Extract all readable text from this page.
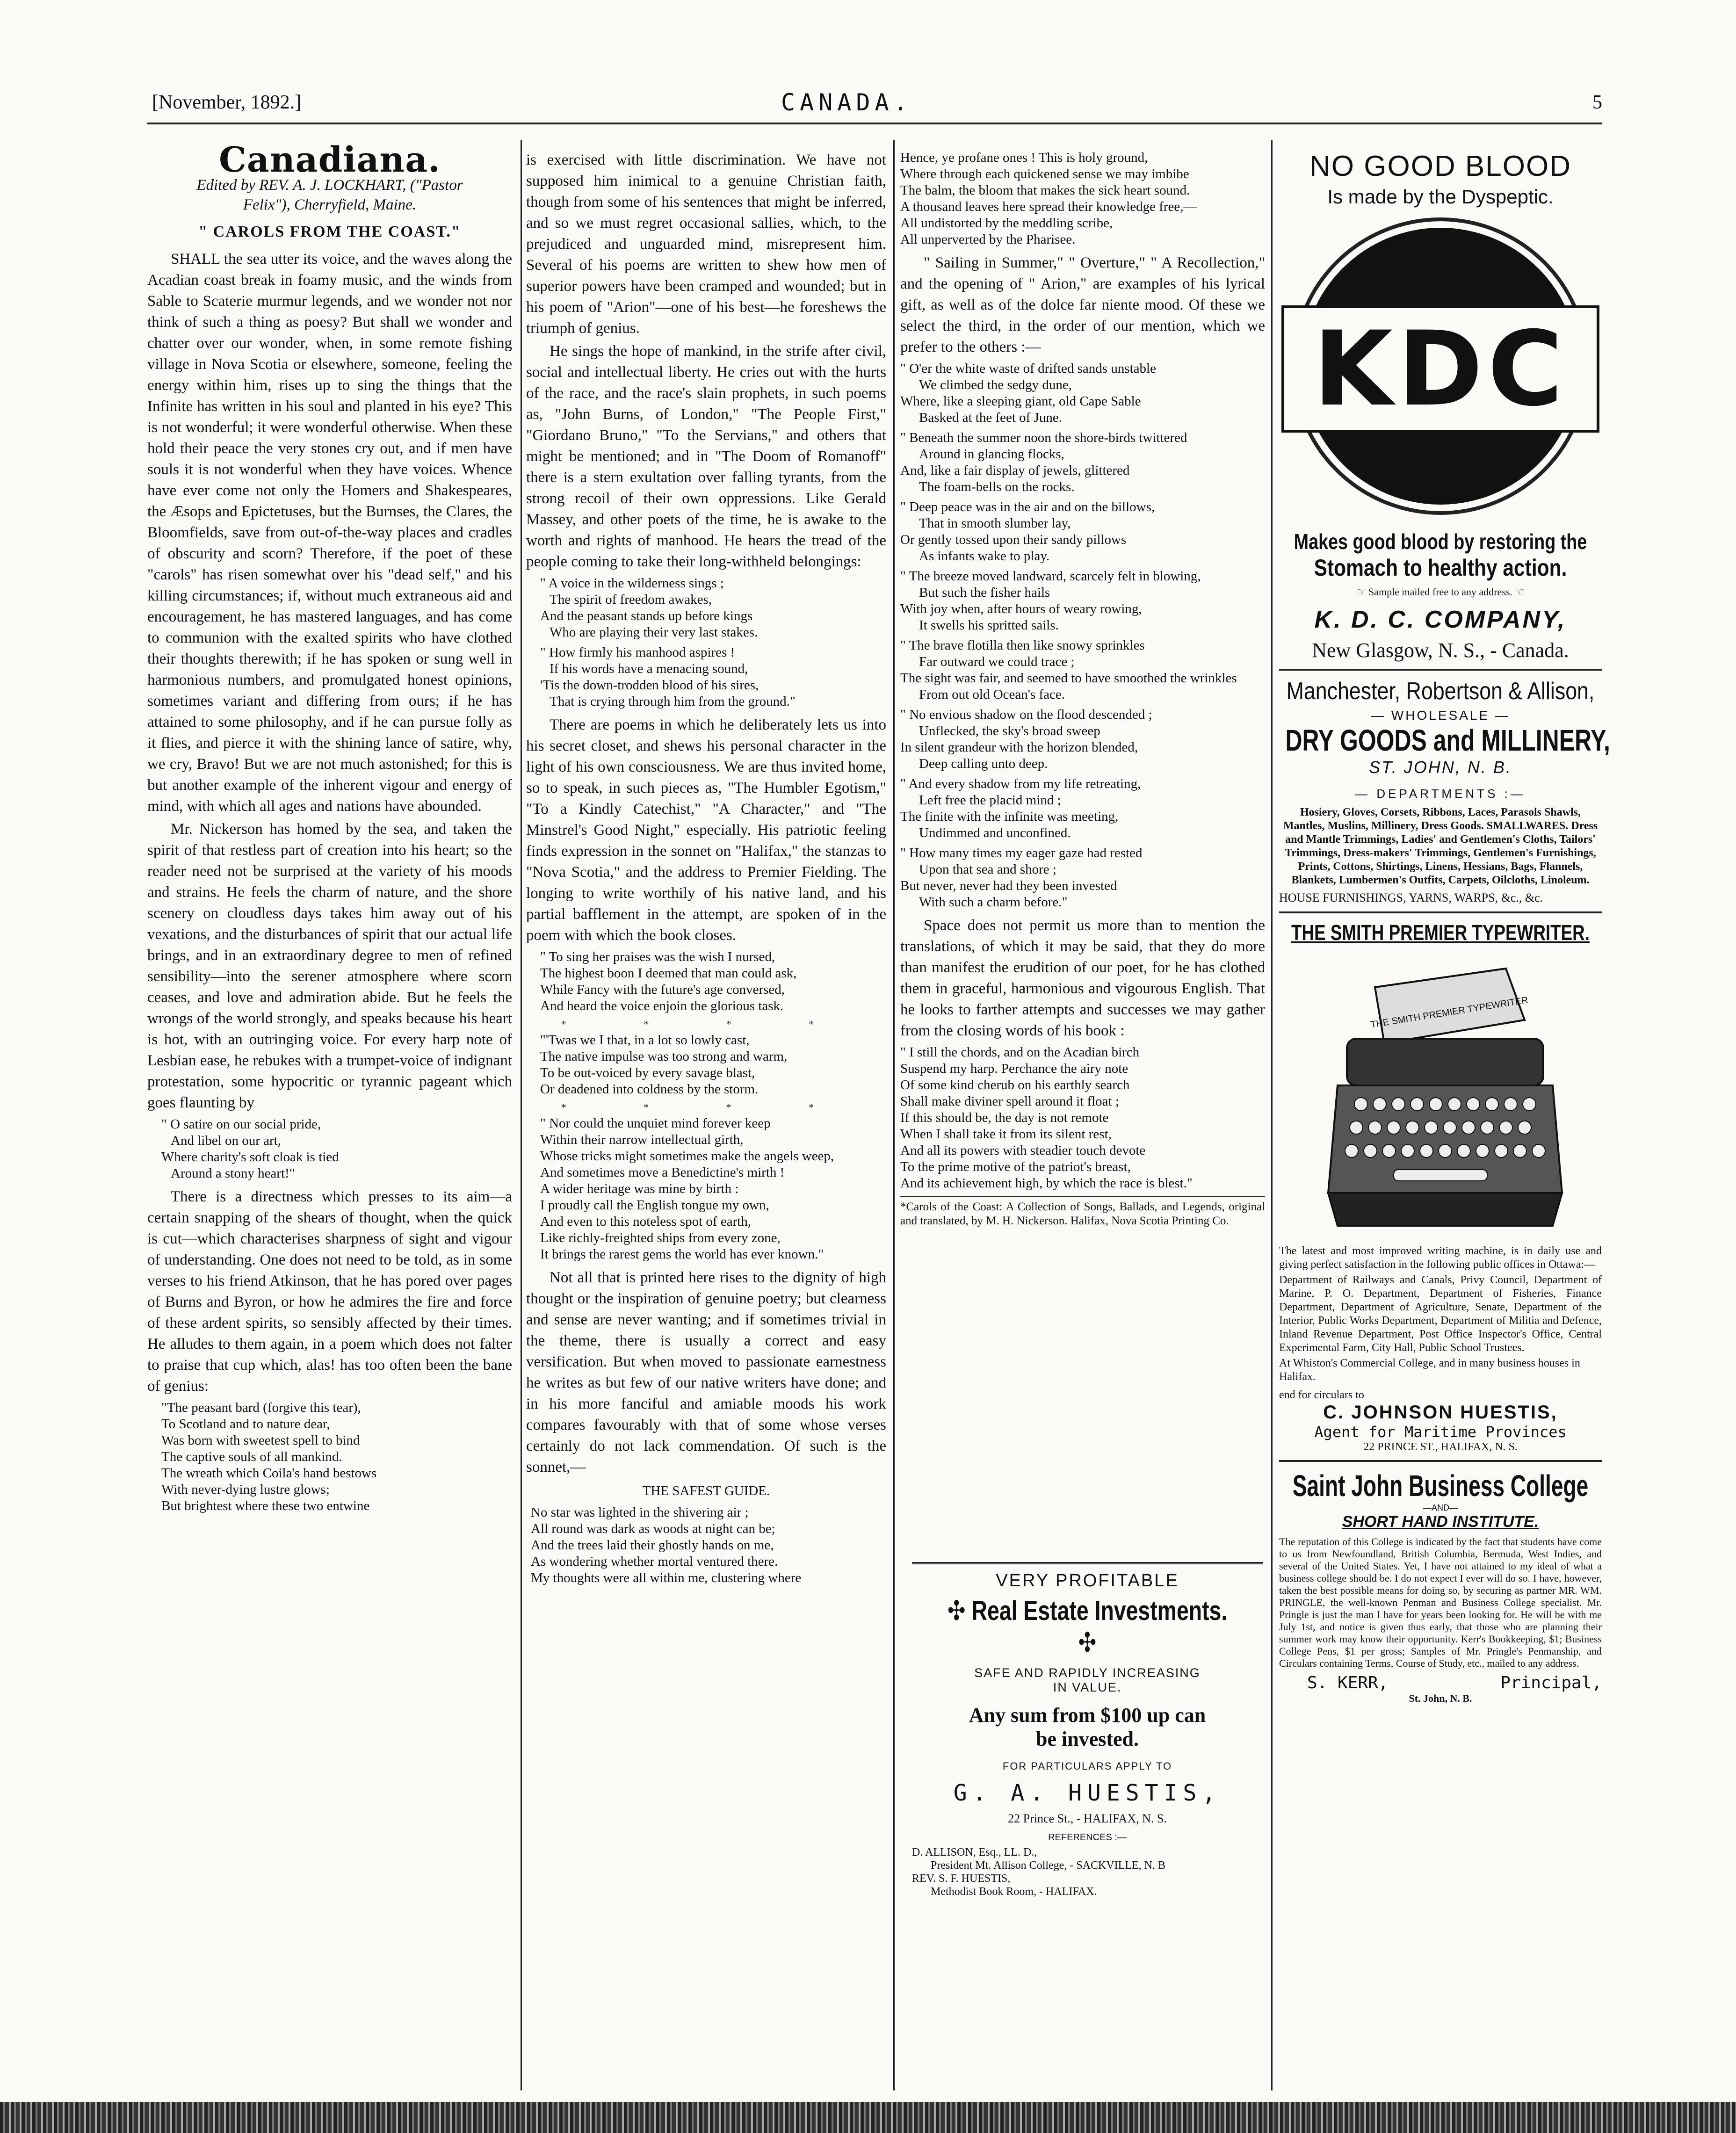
[November, 1892.]	CANADA.	5
Canadiana.
Edited by REV. A. J. LOCKHART, ("Pastor
Felix"), Cherryfield, Maine.
" CAROLS FROM THE COAST."

SHALL the sea utter its voice, and the waves along the Acadian coast break in foamy music, and the winds from Sable to Scaterie murmur legends, and we wonder not nor think of such a thing as poesy? But shall we wonder and chatter over our wonder, when, in some remote fishing village in Nova Scotia or elsewhere, someone, feeling the energy within him, rises up to sing the things that the Infinite has written in his soul and planted in his eye? This is not wonderful; it were wonderful otherwise. When these hold their peace the very stones cry out, and if men have souls it is not wonderful when they have voices. Whence have ever come not only the Homers and Shakespeares, the Æsops and Epictetuses, but the Burnses, the Clares, the Bloomfields, save from out-of-the-way places and cradles of obscurity and scorn? Therefore, if the poet of these "carols" has risen somewhat over his "dead self," and his killing circumstances; if, without much extraneous aid and encouragement, he has mastered languages, and has come to communion with the exalted spirits who have clothed their thoughts therewith; if he has spoken or sung well in harmonious numbers, and promulgated honest opinions, sometimes variant and differing from ours; if he has attained to some philosophy, and if he can pursue folly as it flies, and pierce it with the shining lance of satire, why, we cry, Bravo! But we are not much astonished; for this is but another example of the inherent vigour and energy of mind, with which all ages and nations have abounded.

Mr. Nickerson has homed by the sea, and taken the spirit of that restless part of creation into his heart; so the reader need not be surprised at the variety of his moods and strains. He feels the charm of nature, and the shore scenery on cloudless days takes him away out of his vexations, and the disturbances of spirit that our actual life brings, and in an extraordinary degree to men of refined sensibility—into the serener atmosphere where scorn ceases, and love and admiration abide. But he feels the wrongs of the world strongly, and speaks because his heart is hot, with an outringing voice. For every harp note of Lesbian ease, he rebukes with a trumpet-voice of indignant protestation, some hypocritic or tyrannic pageant which goes flaunting by

" O satire on our social pride,
And libel on our art,
Where charity's soft cloak is tied
Around a stony heart!"

There is a directness which presses to its aim—a certain snapping of the shears of thought, when the quick is cut—which characterises sharpness of sight and vigour of understanding. One does not need to be told, as in some verses to his friend Atkinson, that he has pored over pages of Burns and Byron, or how he admires the fire and force of these ardent spirits, so sensibly affected by their times. He alludes to them again, in a poem which does not falter to praise that cup which, alas! has too often been the bane of genius:

"The peasant bard (forgive this tear),
To Scotland and to nature dear,
Was born with sweetest spell to bind
The captive souls of all mankind.
The wreath which Coila's hand bestows
With never-dying lustre glows;
But brightest where these two entwine

is exercised with little discrimination. We have not supposed him inimical to a genuine Christian faith, though from some of his sentences that might be inferred, and so we must regret occasional sallies, which, to the prejudiced and unguarded mind, misrepresent him. Several of his poems are written to shew how men of superior powers have been cramped and wounded; but in his poem of "Arion"—one of his best—he foreshews the triumph of genius.

He sings the hope of mankind, in the strife after civil, social and intellectual liberty. He cries out with the hurts of the race, and the race's slain prophets, in such poems as, "John Burns, of London," "The People First," "Giordano Bruno," "To the Servians," and others that might be mentioned; and in "The Doom of Romanoff" there is a stern exultation over falling tyrants, from the strong recoil of their own oppressions. Like Gerald Massey, and other poets of the time, he is awake to the worth and rights of manhood. He hears the tread of the people coming to take their long-withheld belongings:

" A voice in the wilderness sings ;
The spirit of freedom awakes,
And the peasant stands up before kings
Who are playing their very last stakes.
" How firmly his manhood aspires !
If his words have a menacing sound,
'Tis the down-trodden blood of his sires,
That is crying through him from the ground."

There are poems in which he deliberately lets us into his secret closet, and shews his personal character in the light of his own consciousness. We are thus invited home, so to speak, in such pieces as, "The Humbler Egotism," "To a Kindly Catechist," "A Character," and "The Minstrel's Good Night," especially. His patriotic feeling finds expression in the sonnet on "Halifax," the stanzas to "Nova Scotia," and the address to Premier Fielding. The longing to write worthily of his native land, and his partial bafflement in the attempt, are spoken of in the poem with which the book closes.

" To sing her praises was the wish I nursed,
The highest boon I deemed that man could ask,
While Fancy with the future's age conversed,
And heard the voice enjoin the glorious task.
* * * *
"'Twas we I that, in a lot so lowly cast,
The native impulse was too strong and warm,
To be out-voiced by every savage blast,
Or deadened into coldness by the storm.
* * * *
" Nor could the unquiet mind forever keep
Within their narrow intellectual girth,
Whose tricks might sometimes make the angels weep,
And sometimes move a Benedictine's mirth !
A wider heritage was mine by birth :
I proudly call the English tongue my own,
And even to this noteless spot of earth,
Like richly-freighted ships from every zone,
It brings the rarest gems the world has ever known."

Not all that is printed here rises to the dignity of high thought or the inspiration of genuine poetry; but clearness and sense are never wanting; and if sometimes trivial in the theme, there is usually a correct and easy versification. But when moved to passionate earnestness he writes as but few of our native writers have done; and in his more fanciful and amiable moods his work compares favourably with that of some whose verses certainly do not lack commendation. Of such is the sonnet,—

THE SAFEST GUIDE.
No star was lighted in the shivering air ;
All round was dark as woods at night can be;
And the trees laid their ghostly hands on me,
As wondering whether mortal ventured there.
My thoughts were all within me, clustering where
Hence, ye profane ones ! This is holy ground,
Where through each quickened sense we may imbibe
The balm, the bloom that makes the sick heart sound.
A thousand leaves here spread their knowledge free,—
All undistorted by the meddling scribe,
All unperverted by the Pharisee.

" Sailing in Summer," " Overture," " A Recollection," and the opening of " Arion," are examples of his lyrical gift, as well as of the dolce far niente mood. Of these we select the third, in the order of our mention, which we prefer to the others :—

" O'er the white waste of drifted sands unstable
We climbed the sedgy dune,
Where, like a sleeping giant, old Cape Sable
Basked at the feet of June.
" Beneath the summer noon the shore-birds twittered
Around in glancing flocks,
And, like a fair display of jewels, glittered
The foam-bells on the rocks.
" Deep peace was in the air and on the billows,
That in smooth slumber lay,
Or gently tossed upon their sandy pillows
As infants wake to play.
" The breeze moved landward, scarcely felt in blowing,
But such the fisher hails
With joy when, after hours of weary rowing,
It swells his spritted sails.
" The brave flotilla then like snowy sprinkles
Far outward we could trace ;
The sight was fair, and seemed to have smoothed the wrinkles
From out old Ocean's face.
" No envious shadow on the flood descended ;
Unflecked, the sky's broad sweep
In silent grandeur with the horizon blended,
Deep calling unto deep.
" And every shadow from my life retreating,
Left free the placid mind ;
The finite with the infinite was meeting,
Undimmed and unconfined.
" How many times my eager gaze had rested
Upon that sea and shore ;
But never, never had they been invested
With such a charm before."

Space does not permit us more than to mention the translations, of which it may be said, that they do more than manifest the erudition of our poet, for he has clothed them in graceful, harmonious and vigourous English. That he looks to farther attempts and successes we may gather from the closing words of his book :

" I still the chords, and on the Acadian birch
Suspend my harp. Perchance the airy note
Of some kind cherub on his earthly search
Shall make diviner spell around it float ;
If this should be, the day is not remote
When I shall take it from its silent rest,
And all its powers with steadier touch devote
To the prime motive of the patriot's breast,
And its achievement high, by which the race is blest."
*Carols of the Coast: A Collection of Songs, Ballads, and Legends, original and translated, by M. H. Nickerson. Halifax, Nova Scotia Printing Co.
VERY PROFITABLE
✣ Real Estate Investments. ✣
SAFE AND RAPIDLY INCREASING
IN VALUE.
Any sum from $100 up can
be invested.
FOR PARTICULARS APPLY TO
G. A. HUESTIS,
22 Prince St., - HALIFAX, N. S.
REFERENCES :—
D. ALLISON, Esq., LL. D.,
President Mt. Allison College, - SACKVILLE, N. B
REV. S. F. HUESTIS,
Methodist Book Room, - HALIFAX.
NO GOOD BLOOD
Is made by the Dyspeptic.
KDC
Makes good blood by restoring the
Stomach to healthy action.
☞ Sample mailed free to any address. ☜
K. D. C. COMPANY,
New Glasgow, N. S., - Canada.
Manchester, Robertson & Allison,
— WHOLESALE —
DRY GOODS and MILLINERY,
ST. JOHN, N. B.
— DEPARTMENTS :—
Hosiery, Gloves, Corsets, Ribbons, Laces, Parasols Shawls, Mantles, Muslins, Millinery, Dress Goods. SMALLWARES. Dress and Mantle Trimmings, Ladies' and Gentlemen's Cloths, Tailors' Trimmings, Dress-makers' Trimmings, Gentlemen's Furnishings, Prints, Cottons, Shirtings, Linens, Hessians, Bags, Flannels, Blankets, Lumbermen's Outfits, Carpets, Oilcloths, Linoleum.
HOUSE FURNISHINGS, YARNS, WARPS, &c., &c.
THE SMITH PREMIER TYPEWRITER.
THE SMITH PREMIER TYPEWRITER
The latest and most improved writing machine, is in daily use and giving perfect satisfaction in the following public offices in Ottawa:—
Department of Railways and Canals, Privy Council, Department of Marine, P. O. Department, Department of Fisheries, Finance Department, Department of Agriculture, Senate, Department of the Interior, Public Works Department, Department of Militia and Defence, Inland Revenue Department, Post Office Inspector's Office, Central Experimental Farm, City Hall, Public School Trustees.
At Whiston's Commercial College, and in many business houses in Halifax.
end for circulars to
C. JOHNSON HUESTIS,
Agent for Maritime Provinces
22 PRINCE ST., HALIFAX, N. S.
Saint John Business College
—AND—
SHORT HAND INSTITUTE.
The reputation of this College is indicated by the fact that students have come to us from Newfoundland, British Columbia, Bermuda, West Indies, and several of the United States. Yet, I have not attained to my ideal of what a business college should be. I do not expect I ever will do so. I have, however, taken the best possible means for doing so, by securing as partner MR. WM. PRINGLE, the well-known Penman and Business College specialist. Mr. Pringle is just the man I have for years been looking for. He will be with me July 1st, and notice is given thus early, that those who are planning their summer work may know their opportunity. Kerr's Bookkeeping, $1; Business College Pens, $1 per gross; Samples of Mr. Pringle's Penmanship, and Circulars containing Terms, Course of Study, etc., mailed to any address.
S. KERR,	Principal,
St. John, N. B.
